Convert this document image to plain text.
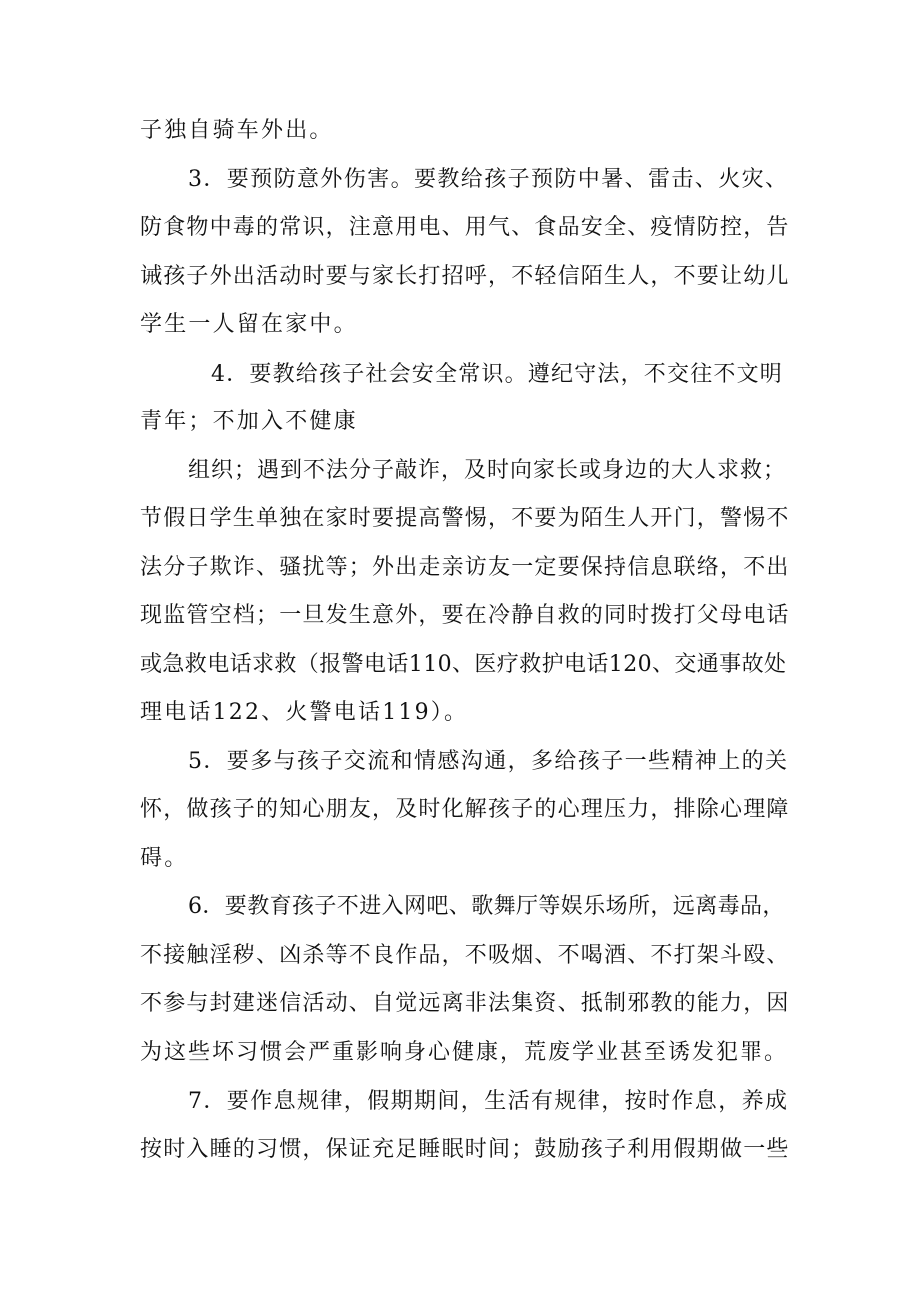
子独自骑车外出。
3．要预防意外伤害。要教给孩子预防中暑、雷击、火灾、
防食物中毒的常识，注意用电、用气、食品安全、疫情防控，告
诫孩子外出活动时要与家长打招呼，不轻信陌生人，不要让幼儿
学生一人留在家中。
4．要教给孩子社会安全常识。遵纪守法，不交往不文明
青年；不加入不健康
组织；遇到不法分子敲诈，及时向家长或身边的大人求救；
节假日学生单独在家时要提高警惕，不要为陌生人开门，警惕不
法分子欺诈、骚扰等；外出走亲访友一定要保持信息联络，不出
现监管空档；一旦发生意外，要在冷静自救的同时拨打父母电话
或急救电话求救（报警电话110、医疗救护电话120、交通事故处
理电话122、火警电话119）。
5．要多与孩子交流和情感沟通，多给孩子一些精神上的关
怀，做孩子的知心朋友，及时化解孩子的心理压力，排除心理障
碍。
6．要教育孩子不进入网吧、歌舞厅等娱乐场所，远离毒品，
不接触淫秽、凶杀等不良作品，不吸烟、不喝酒、不打架斗殴、
不参与封建迷信活动、自觉远离非法集资、抵制邪教的能力，因
为这些坏习惯会严重影响身心健康，荒废学业甚至诱发犯罪。
7．要作息规律，假期期间，生活有规律，按时作息，养成
按时入睡的习惯，保证充足睡眠时间；鼓励孩子利用假期做一些
